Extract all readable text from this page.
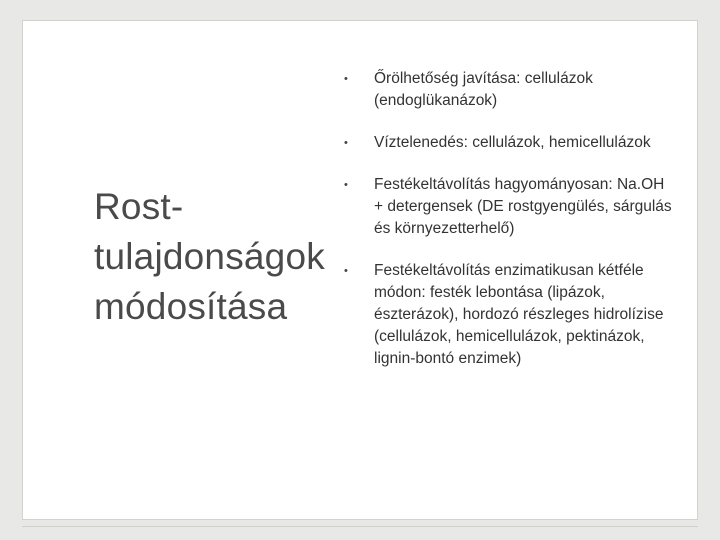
Rost-
tulajdonságok
módosítása
•	Őrölhetőség javítása: cellulázok (endoglükanázok)
•	Víztelenedés: cellulázok, hemicellulázok
•	Festékeltávolítás hagyományosan: Na.OH + detergensek (DE rostgyengülés, sárgulás és környezetterhelő)
•	Festékeltávolítás enzimatikusan kétféle módon: festék lebontása (lipázok, észterázok), hordozó részleges hidrolízise (cellulázok, hemicellulázok, pektinázok, lignin-bontó enzimek)
